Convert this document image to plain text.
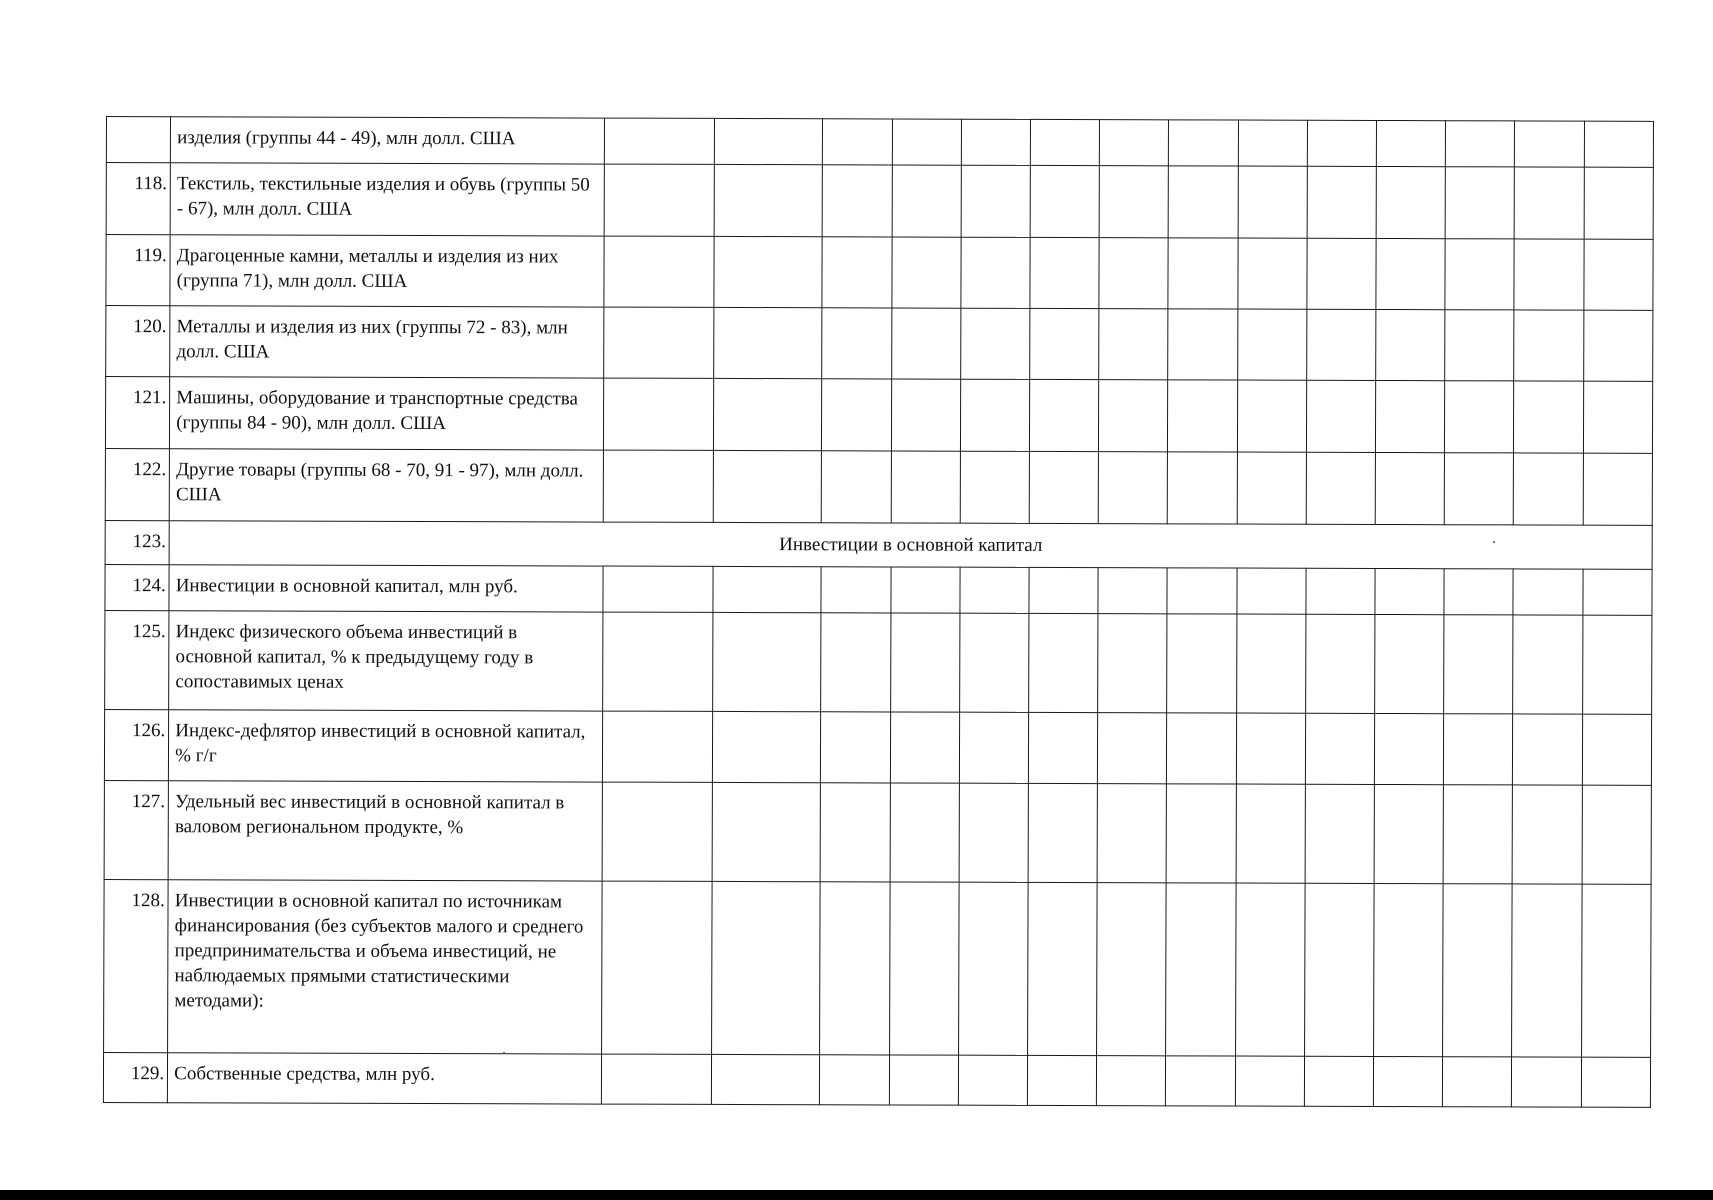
	изделия (группы 44 - 49), млн долл. США														

118.	Текстиль, текстильные изделия и обувь (группы 50 - 67), млн долл. США														

119.	Драгоценные камни, металлы и изделия из них (группа 71), млн долл. США														

120.	Металлы и изделия из них (группы 72 - 83), млн долл. США														

121.	Машины, оборудование и транспортные средства (группы 84 - 90), млн долл. США														

122.	Другие товары (группы 68 - 70, 91 - 97), млн долл. США														

123.	Инвестиции в основной капитал														

124.	Инвестиции в основной капитал, млн руб.														

125.	Индекс физического объема инвестиций в основной капитал, % к предыдущему году в сопоставимых ценах														

126.	Индекс-дефлятор инвестиций в основной капитал, % г/г														

127.	Удельный вес инвестиций в основной капитал в валовом региональном продукте, %														

128.	Инвестиции в основной капитал по источникам финансирования (без субъектов малого и среднего предпринимательства и объема инвестиций, не наблюдаемых прямыми статистическими методами):														

129.	Собственные средства, млн руб.														
